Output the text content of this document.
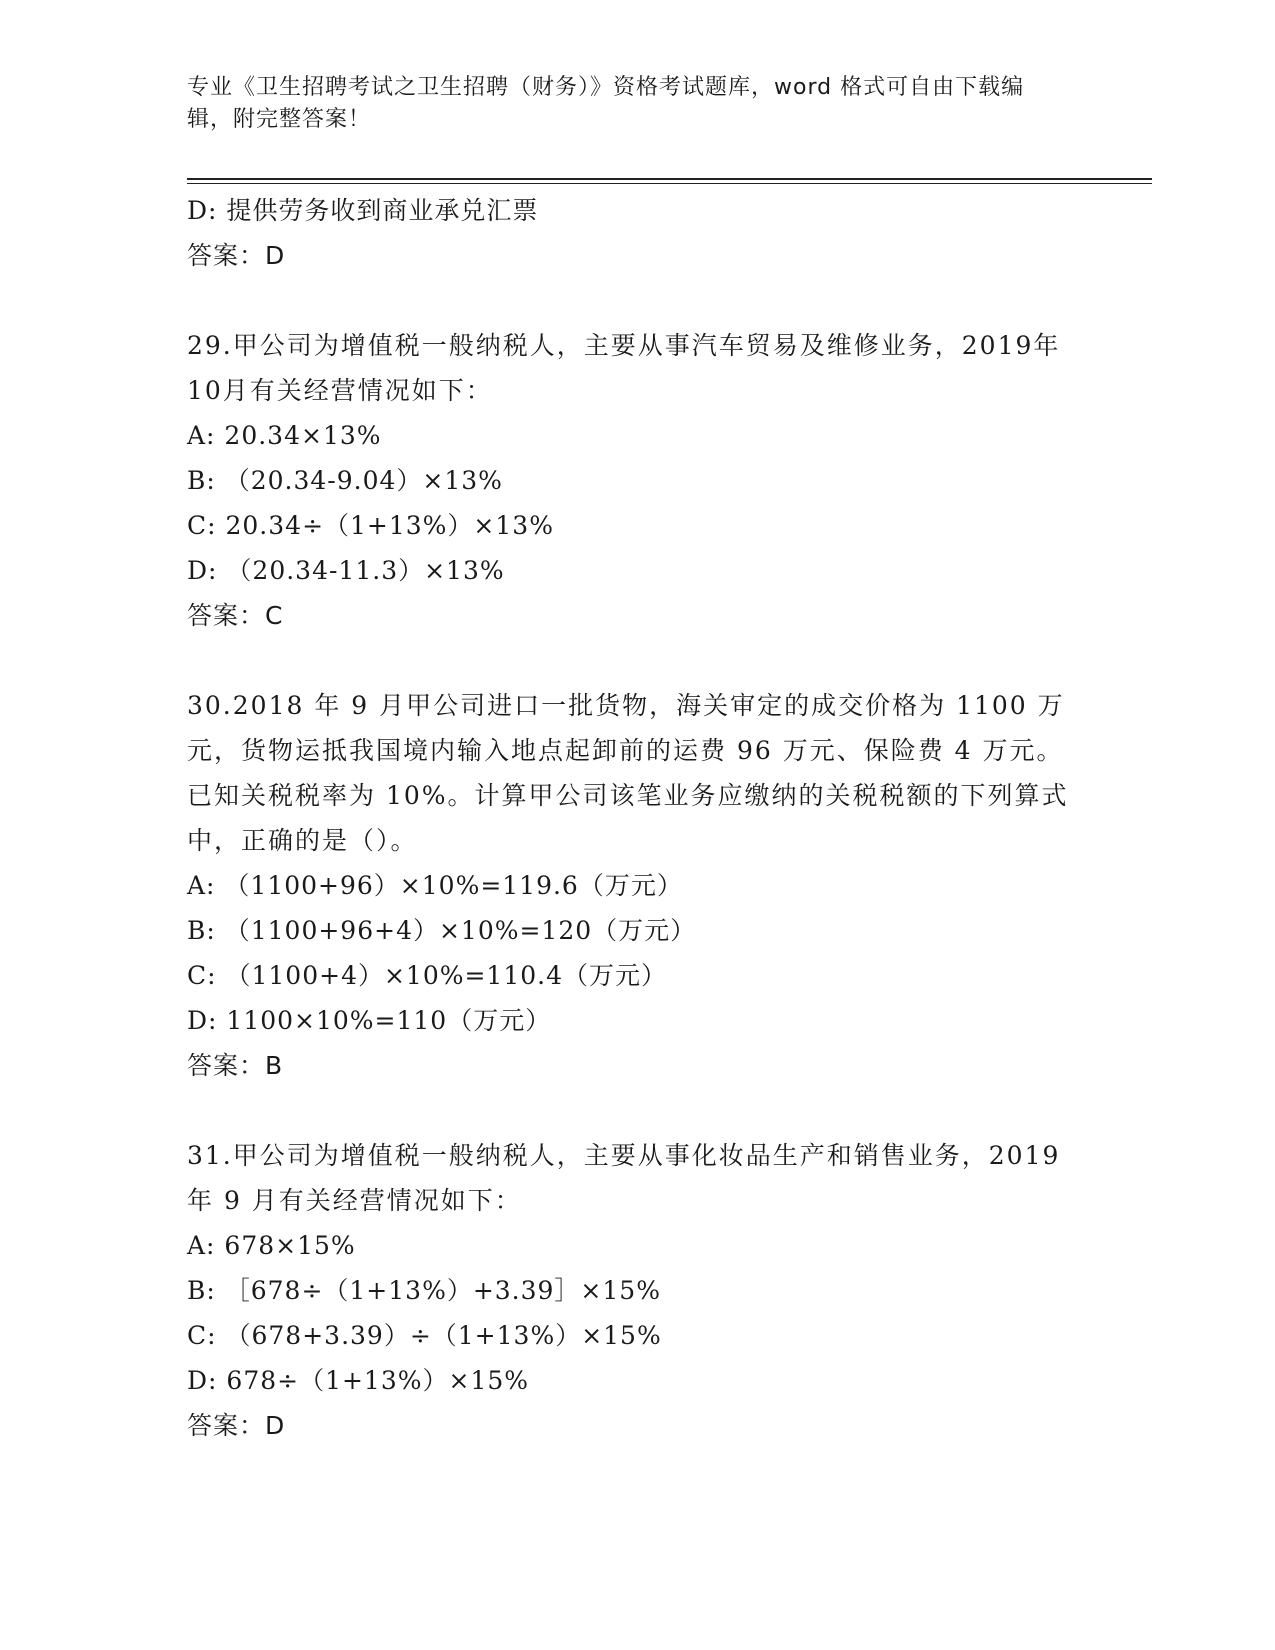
专业《卫生招聘考试之卫生招聘（财务）》资格考试题库，word 格式可自由下载编辑，附完整答案！
D: 提供劳务收到商业承兑汇票
答案：D
29.甲公司为增值税一般纳税人，主要从事汽车贸易及维修业务，2019年10月有关经营情况如下：
A: 20.34×13%
B: （20.34-9.04）×13%
C: 20.34÷（1+13%）×13%
D: （20.34-11.3）×13%
答案：C
30.2018 年 9 月甲公司进口一批货物，海关审定的成交价格为 1100 万元，货物运抵我国境内输入地点起卸前的运费 96 万元、保险费 4 万元。已知关税税率为 10%。计算甲公司该笔业务应缴纳的关税税额的下列算式中，正确的是（）。
A: （1100+96）×10%=119.6（万元）
B: （1100+96+4）×10%=120（万元）
C: （1100+4）×10%=110.4（万元）
D: 1100×10%=110（万元）
答案：B
31.甲公司为增值税一般纳税人，主要从事化妆品生产和销售业务，2019 年 9 月有关经营情况如下：
A: 678×15%
B: ［678÷（1+13%）+3.39］×15%
C: （678+3.39）÷（1+13%）×15%
D: 678÷（1+13%）×15%
答案：D
